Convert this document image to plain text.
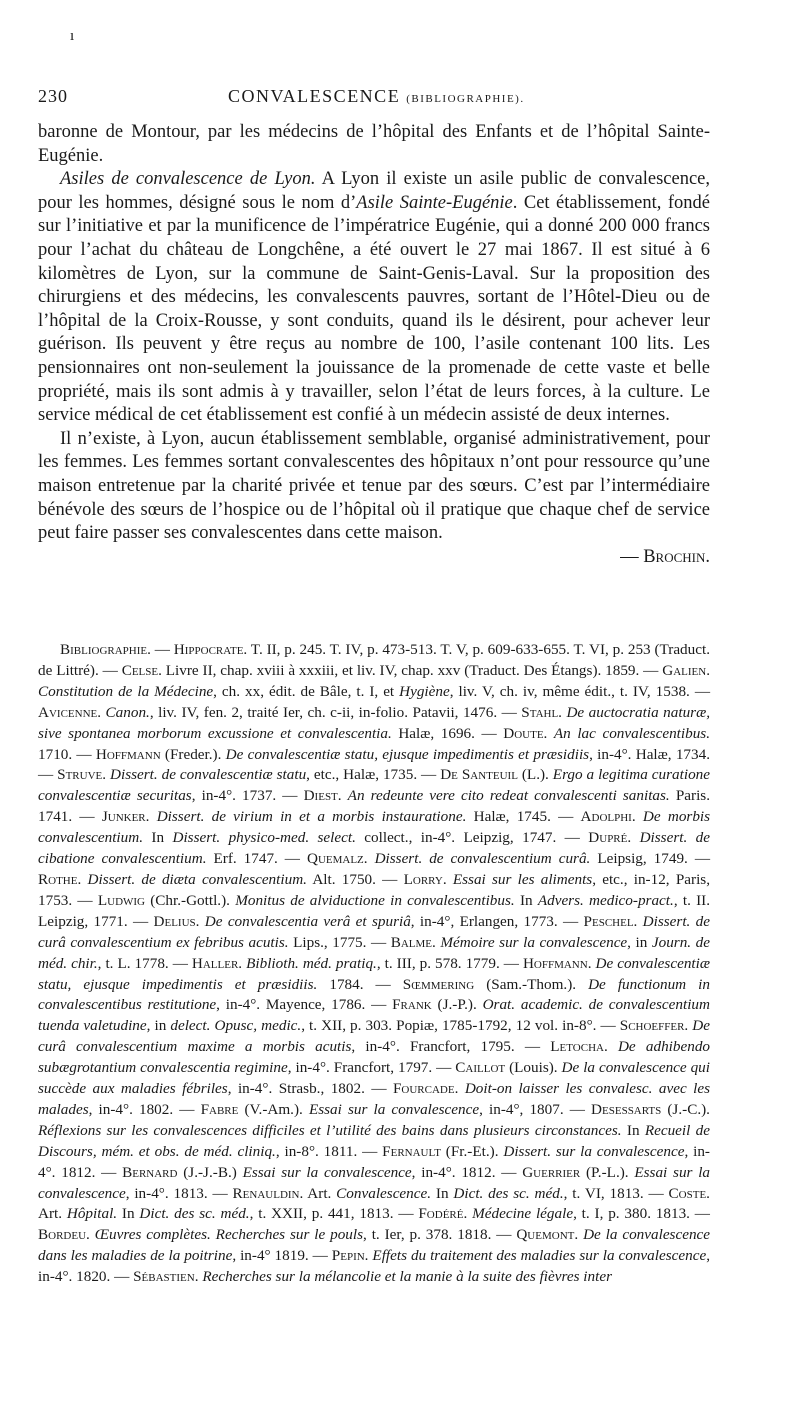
ı
230	CONVALESCENCE (BIBLIOGRAPHIE).

baronne de Montour, par les médecins de l’hôpital des Enfants et de l’hôpital Sainte-Eugénie.

Asiles de convalescence de Lyon. A Lyon il existe un asile public de convalescence, pour les hommes, désigné sous le nom d’Asile Sainte-Eugénie. Cet établissement, fondé sur l’initiative et par la munificence de l’impératrice Eugénie, qui a donné 200 000 francs pour l’achat du château de Longchêne, a été ouvert le 27 mai 1867. Il est situé à 6 kilomètres de Lyon, sur la commune de Saint-Genis-Laval. Sur la proposition des chirurgiens et des médecins, les convalescents pauvres, sortant de l’Hôtel-Dieu ou de l’hôpital de la Croix-Rousse, y sont conduits, quand ils le désirent, pour achever leur guérison. Ils peuvent y être reçus au nombre de 100, l’asile contenant 100 lits. Les pensionnaires ont non-seulement la jouissance de la promenade de cette vaste et belle propriété, mais ils sont admis à y travailler, selon l’état de leurs forces, à la culture. Le service médical de cet établissement est confié à un médecin assisté de deux internes.

Il n’existe, à Lyon, aucun établissement semblable, organisé administrativement, pour les femmes. Les femmes sortant convalescentes des hôpitaux n’ont pour ressource qu’une maison entretenue par la charité privée et tenue par des sœurs. C’est par l’intermédiaire bénévole des sœurs de l’hospice ou de l’hôpital où il pratique que chaque chef de service peut faire passer ses convalescentes dans cette maison.

— Brochin.

Bibliographie. — Hippocrate. T. II, p. 245. T. IV, p. 473-513. T. V, p. 609-633-655. T. VI, p. 253 (Traduct. de Littré). — Celse. Livre II, chap. xviii à xxxiii, et liv. IV, chap. xxv (Traduct. Des Étangs). 1859. — Galien. Constitution de la Médecine, ch. xx, édit. de Bâle, t. I, et Hygiène, liv. V, ch. iv, même édit., t. IV, 1538. — Avicenne. Canon., liv. IV, fen. 2, traité Ier, ch. c-ii, in-folio. Patavii, 1476. — Stahl. De auctocratia naturæ, sive spontanea morborum excussione et convalescentia. Halæ, 1696. — Doute. An lac convalescentibus. 1710. — Hoffmann (Freder.). De convalescentiæ statu, ejusque impedimentis et præsidiis, in-4°. Halæ, 1734. — Struve. Dissert. de convalescentiæ statu, etc., Halæ, 1735. — De Santeuil (L.). Ergo a legitima curatione convalescentiæ securitas, in-4°. 1737. — Diest. An redeunte vere cito redeat convalescenti sanitas. Paris. 1741. — Junker. Dissert. de virium in et a morbis instauratione. Halæ, 1745. — Adolphi. De morbis convalescentium. In Dissert. physico-med. select. collect., in-4°. Leipzig, 1747. — Dupré. Dissert. de cibatione convalescentium. Erf. 1747. — Quemalz. Dissert. de convalescentium curâ. Leipsig, 1749. — Rothe. Dissert. de diæta convalescentium. Alt. 1750. — Lorry. Essai sur les aliments, etc., in-12, Paris, 1753. — Ludwig (Chr.-Gottl.). Monitus de alviductione in convalescentibus. In Advers. medico-pract., t. II. Leipzig, 1771. — Delius. De convalescentia verâ et spuriâ, in-4°, Erlangen, 1773. — Peschel. Dissert. de curâ convalescentium ex febribus acutis. Lips., 1775. — Balme. Mémoire sur la convalescence, in Journ. de méd. chir., t. L. 1778. — Haller. Biblioth. méd. pratiq., t. III, p. 578. 1779. — Hoffmann. De convalescentiæ statu, ejusque impedimentis et præsidiis. 1784. — Sœmmering (Sam.-Thom.). De functionum in convalescentibus restitutione, in-4°. Mayence, 1786. — Frank (J.-P.). Orat. academic. de convalescentium tuenda valetudine, in delect. Opusc, medic., t. XII, p. 303. Popiæ, 1785-1792, 12 vol. in-8°. — Schoeffer. De curâ convalescentium maxime a morbis acutis, in-4°. Francfort, 1795. — Letocha. De adhibendo subægrotantium convalescentia regimine, in-4°. Francfort, 1797. — Caillot (Louis). De la convalescence qui succède aux maladies fébriles, in-4°. Strasb., 1802. — Fourcade. Doit-on laisser les convalesc. avec les malades, in-4°. 1802. — Fabre (V.-Am.). Essai sur la convalescence, in-4°, 1807. — Desessarts (J.-C.). Réflexions sur les convalescences difficiles et l’utilité des bains dans plusieurs circonstances. In Recueil de Discours, mém. et obs. de méd. cliniq., in-8°. 1811. — Fernault (Fr.-Et.). Dissert. sur la convalescence, in-4°. 1812. — Bernard (J.-J.-B.) Essai sur la convalescence, in-4°. 1812. — Guerrier (P.-L.). Essai sur la convalescence, in-4°. 1813. — Renauldin. Art. Convalescence. In Dict. des sc. méd., t. VI, 1813. — Coste. Art. Hôpital. In Dict. des sc. méd., t. XXII, p. 441, 1813. — Fodéré. Médecine légale, t. I, p. 380. 1813. — Bordeu. Œuvres complètes. Recherches sur le pouls, t. Ier, p. 378. 1818. — Quemont. De la convalescence dans les maladies de la poitrine, in-4° 1819. — Pepin. Effets du traitement des maladies sur la convalescence, in-4°. 1820. — Sébastien. Recherches sur la mélancolie et la manie à la suite des fièvres inter
